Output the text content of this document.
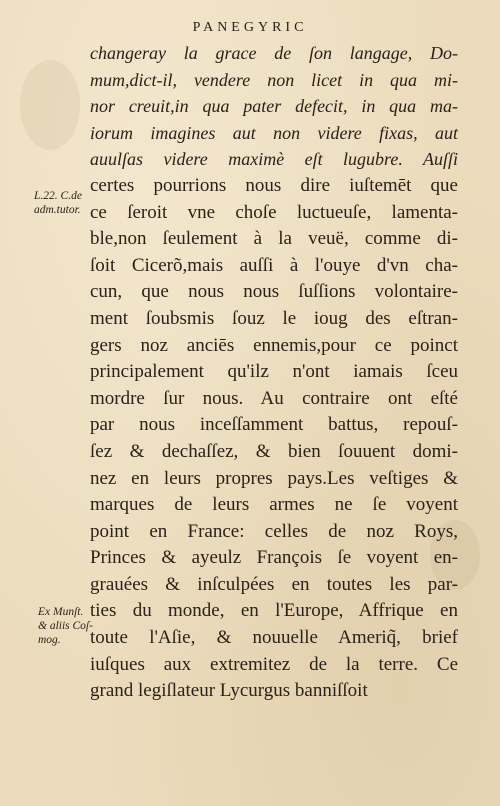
PANEGYRIC
changeray la grace de ſon langage, Do-
mum,dict-il, vendere non licet in qua mi-
nor creuit,in qua pater defecit, in qua ma-
iorum imagines aut non videre fixas, aut
auulſas videre maximè eſt lugubre. Auſſi
certes pourrions nous dire iuſtemēt que
ce ſeroit vne choſe luctueuſe, lamenta-
ble,non ſeulement à la veuë, comme di-
ſoit Cicerõ,mais auſſi à l'ouye d'vn cha-
cun, que nous nous ſuſſions volontaire-
ment ſoubsmis ſouz le ioug des eſtran-
gers noz anciēs ennemis,pour ce poinct
principalement qu'ilz n'ont iamais ſceu
mordre ſur nous. Au contraire ont eſté
par nous inceſſamment battus, repouſ-
ſez & dechaſſez, & bien ſouuent domi-
nez en leurs propres pays.Les veſtiges &
marques de leurs armes ne ſe voyent
point en France: celles de noz Roys,
Princes & ayeulz François ſe voyent en-
grauées & inſculpées en toutes les par-
ties du monde, en l'Europe, Affrique en
toute l'Aſie, & nouuelle Ameriq̃, brief
iuſques aux extremitez de la terre. Ce
grand legiſlateur Lycurgus banniſſoit
L.22. C.de
adm.tutor.
Ex Munſt.
& aliis Coſ-
mog.
